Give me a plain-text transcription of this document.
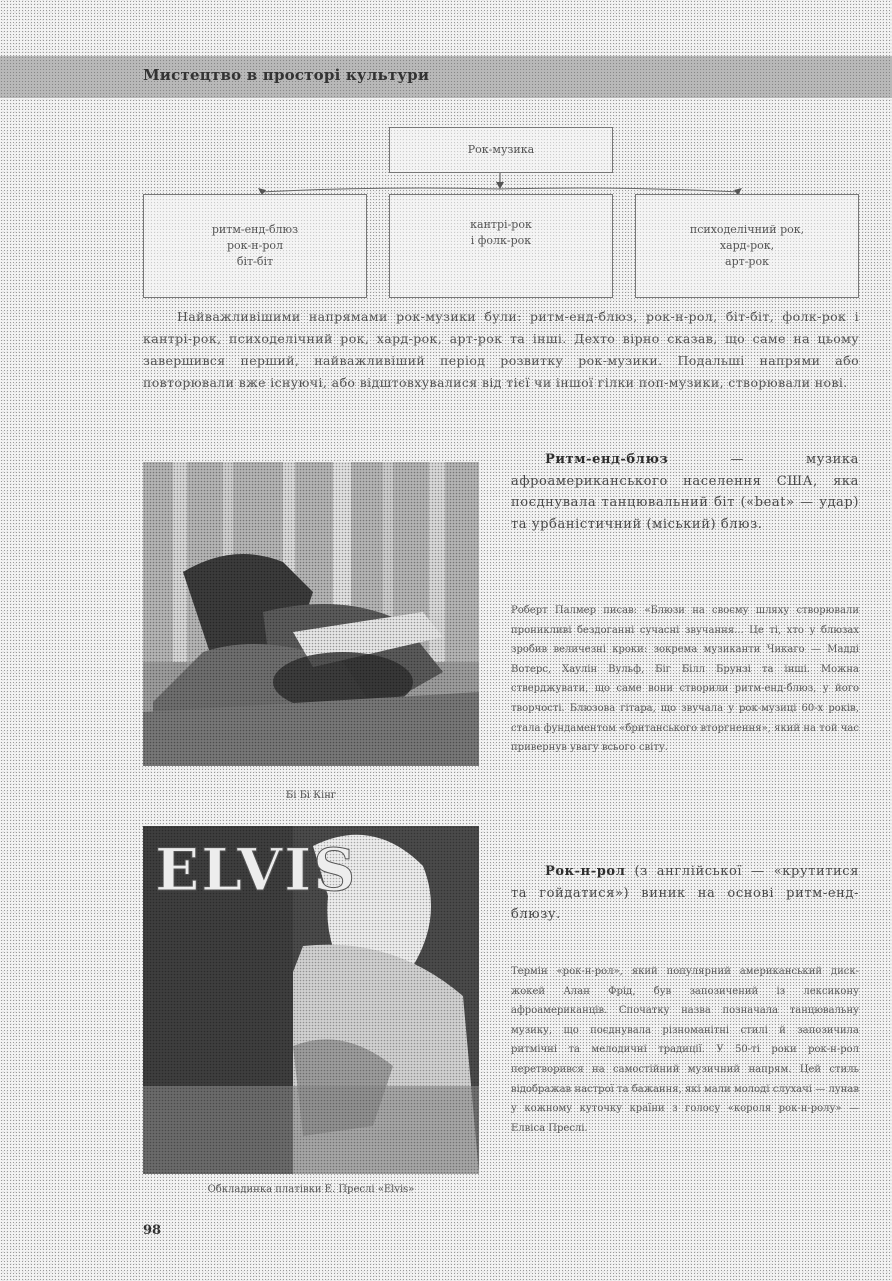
Мистецтво в просторі культури
Рок-музика
ритм-енд-блюз
рок-н-рол
біт-біт
кантрі-рок
і фолк-рок
психоделічний рок,
хард-рок,
арт-рок

Найважливішими напрямами рок-музики були: ритм-енд-блюз, рок-н-рол, біт-біт, фолк-рок і кантрі-рок, психоделічний рок, хард-рок, арт-рок та інші. Дехто вірно сказав, що саме на цьому завершився перший, найважливіший період розвитку рок-музики. Подальші напрями або повторювали вже існуючі, або відштовхувалися від тієї чи іншої гілки поп-музики, створювали нові.

Бі Бі Кінг

Ритм-енд-блюз — музика афроамериканського населення США, яка поєднувала танцювальний біт («beat» — удар) та урбаністичний (міський) блюз.

Роберт Палмер писав: «Блюзи на своєму шляху створювали проникливі бездоганні сучасні звучання... Це ті, хто у блюзах зробив величезні кроки: зокрема музиканти Чикаго — Мадді Вотерс, Хаулін Вульф, Біг Білл Брунзі та інші. Можна стверджувати, що саме вони створили ритм-енд-блюз, у його творчості. Блюзова гітара, що звучала у рок-музиці 60-х років, стала фундаментом «британського вторгнення», який на той час привернув увагу всього світу.

ELVIS
Обкладинка платівки Е. Преслі «Elvis»

Рок-н-рол (з англійської — «крутитися та гойдатися») виник на основі ритм-енд-блюзу.

Термін «рок-н-рол», який популярний американський диск-жокей Алан Фрід, був запозичений із лексикону афроамериканців. Спочатку назва позначала танцювальну музику, що поєднувала різноманітні стилі й запозичила ритмічні та мелодичні традиції. У 50-ті роки рок-н-рол перетворився на самостійний музичний напрям. Цей стиль відображав настрої та бажання, які мали молоді слухачі — лунав у кожному куточку країни з голосу «короля рок-н-ролу» — Елвіса Преслі.

98
